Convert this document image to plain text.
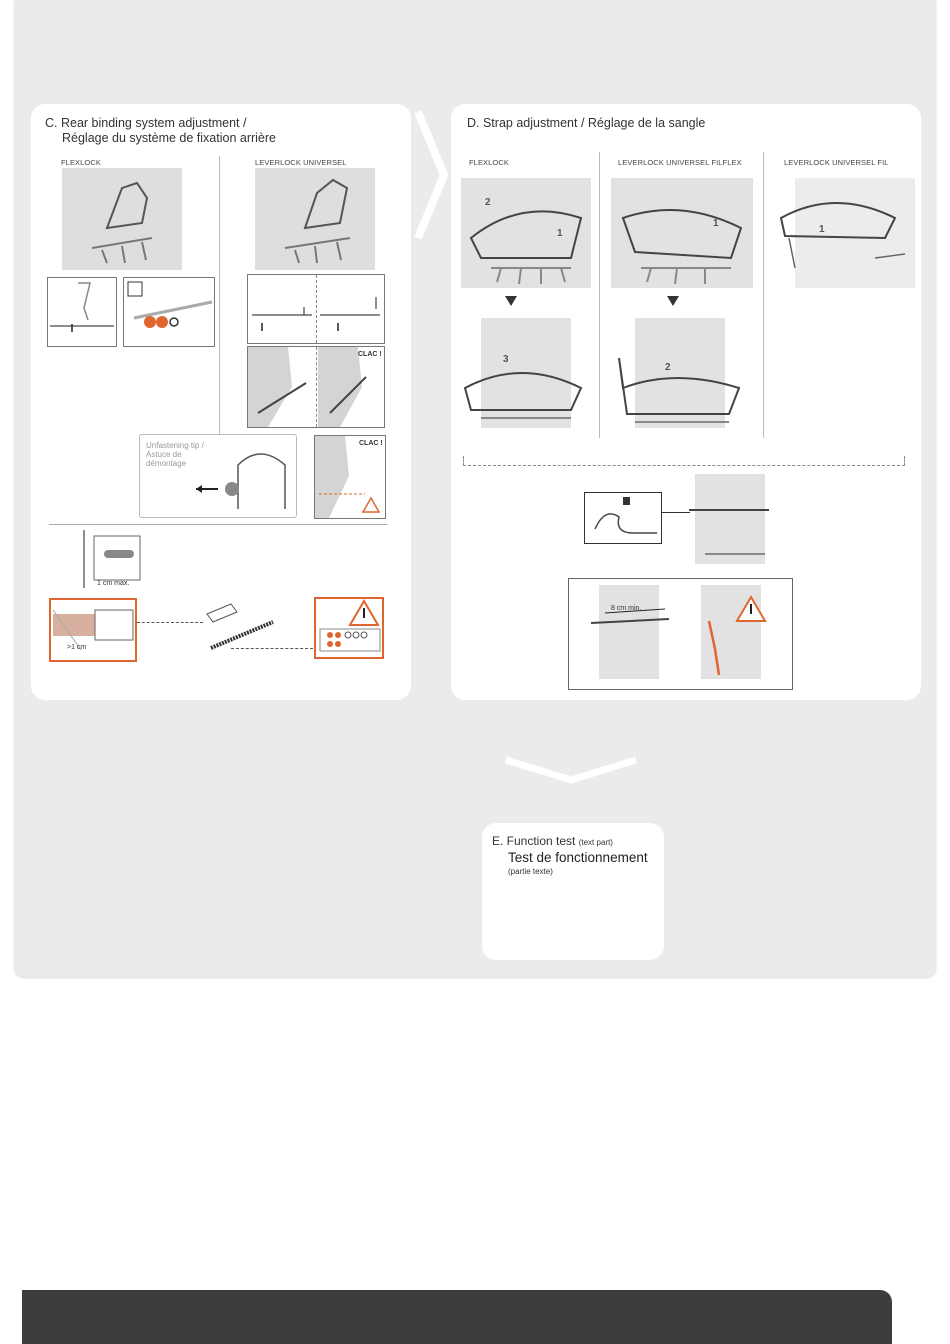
C. Rear binding system adjustment /
Réglage du système de fixation arrière
FLEXLOCK	LEVERLOCK UNIVERSEL
CLAC !
Unfastening tip /
Astuce de
démontage
CLAC !
1 cm max.
>1 cm
D. Strap adjustment / Réglage de la sangle
FLEXLOCK	LEVERLOCK UNIVERSEL FILFLEX	LEVERLOCK UNIVERSEL FIL
2
1
1
1
3
2
8 cm min.
E. Function test (text part)
Test de fonctionnement
(partie texte)
